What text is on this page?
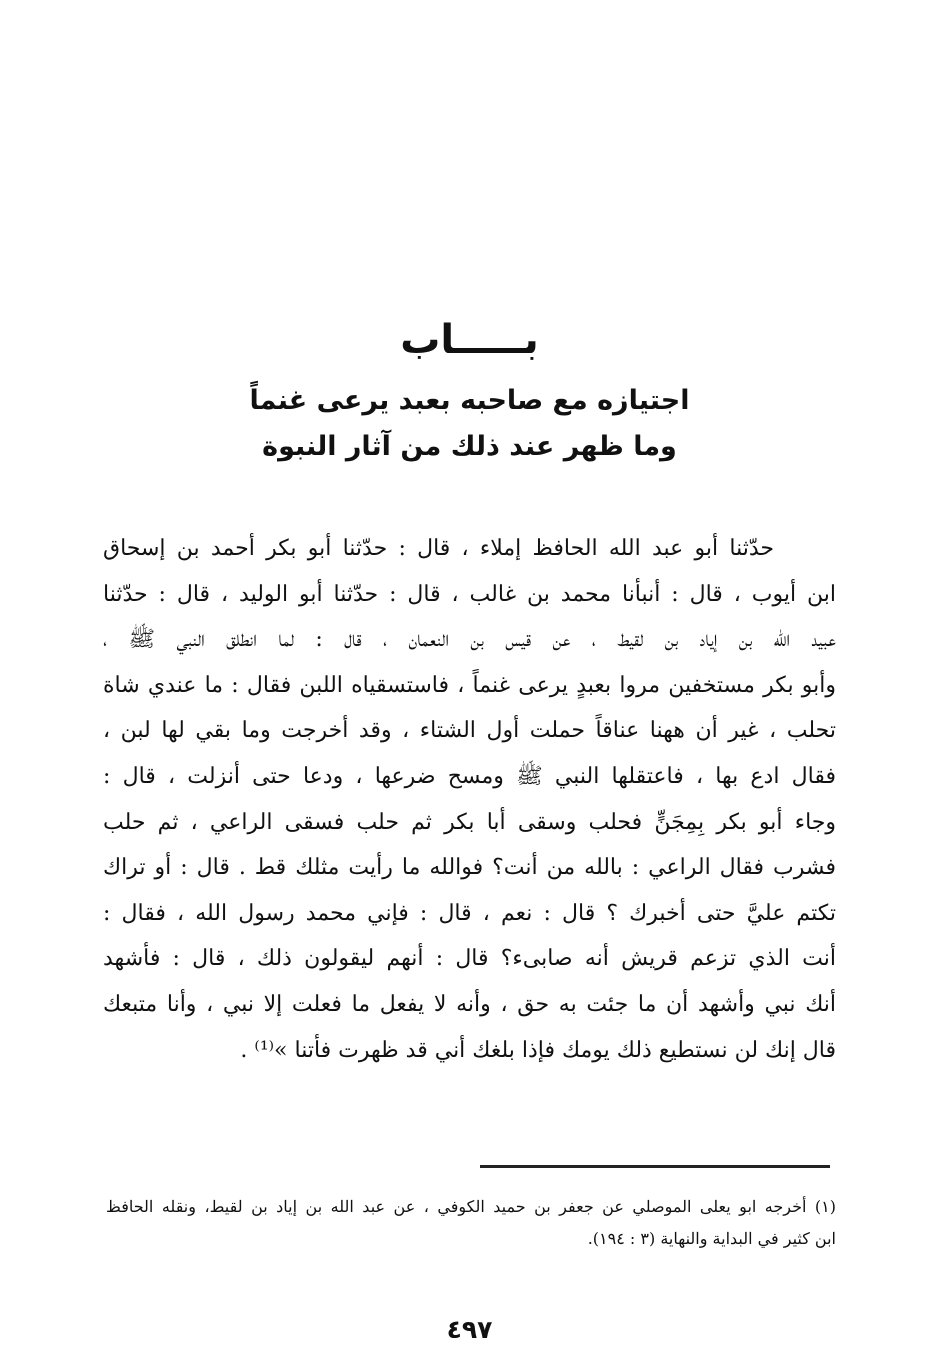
بـــــاب
اجتيازه مع صاحبه بعبد يرعى غنماً
وما ظهر عند ذلك من آثار النبوة
حدّثنا أبو عبد الله الحافظ إملاء ، قال : حدّثنا أبو بكر أحمد بن إسحاق
ابن أيوب ، قال : أنبأنا محمد بن غالب ، قال : حدّثنا أبو الوليد ، قال : حدّثنا
عبيد الله بن إياد بن لقيط ، عن قيس بن النعمان ، قال : لما انطلق النبي ﷺ ،
وأبو بكر مستخفين مروا بعبدٍ يرعى غنماً ، فاستسقياه اللبن فقال : ما عندي شاة
تحلب ، غير أن ههنا عناقاً حملت أول الشتاء ، وقد أخرجت وما بقي لها لبن ،
فقال ادع بها ، فاعتقلها النبي ﷺ ومسح ضرعها ، ودعا حتى أنزلت ، قال :
وجاء أبو بكر بِمِجَنٍّ فحلب وسقى أبا بكر ثم حلب فسقى الراعي ، ثم حلب
فشرب فقال الراعي : بالله من أنت؟ فوالله ما رأيت مثلك قط . قال : أو تراك
تكتم عليَّ حتى أخبرك ؟ قال : نعم ، قال : فإني محمد رسول الله ، فقال :
أنت الذي تزعم قريش أنه صابىء؟ قال : أنهم ليقولون ذلك ، قال : فأشهد
أنك نبي وأشهد أن ما جئت به حق ، وأنه لا يفعل ما فعلت إلا نبي ، وأنا متبعك
قال إنك لن نستطيع ذلك يومك فإذا بلغك أني قد ظهرت فأتنا »⁽¹⁾ .
(١) أخرجه ابو يعلى الموصلي عن جعفر بن حميد الكوفي ، عن عبد الله بن إياد بن لقيط، ونقله الحافظ
ابن كثير في البداية والنهاية (٣ : ١٩٤).
٤٩٧
